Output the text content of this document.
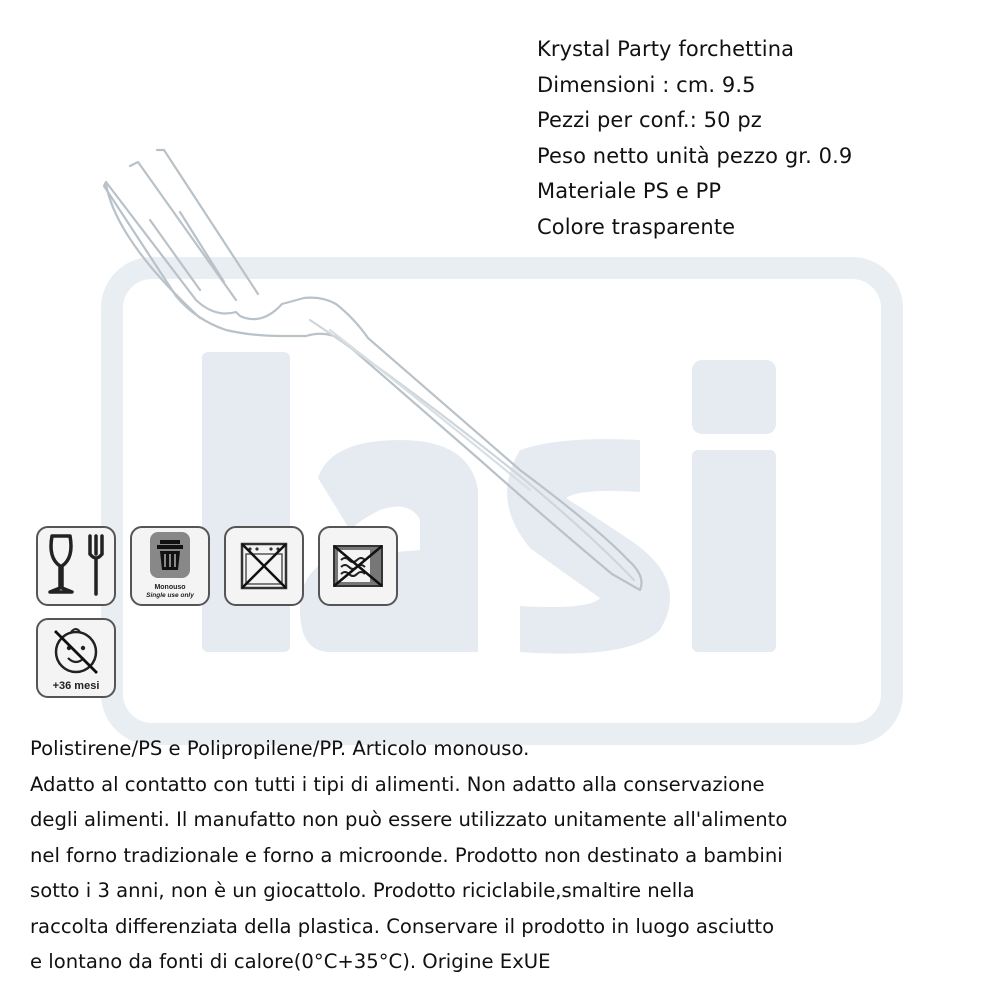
Krystal Party forchettina
Dimensioni : cm. 9.5
Pezzi per conf.: 50 pz
Peso netto unità pezzo gr. 0.9
Materiale PS e PP
Colore trasparente
Monouso
Single use only
+36 mesi
Polistirene/PS e Polipropilene/PP. Articolo monouso.
Adatto al contatto con tutti i tipi di alimenti. Non adatto alla conservazione
degli alimenti. Il manufatto non può essere utilizzato unitamente all'alimento
nel forno tradizionale e forno a microonde. Prodotto non destinato a bambini
sotto i 3 anni, non è un giocattolo. Prodotto riciclabile,smaltire nella
raccolta differenziata della plastica. Conservare il prodotto in luogo asciutto
e lontano da fonti di calore(0°C+35°C). Origine ExUE
